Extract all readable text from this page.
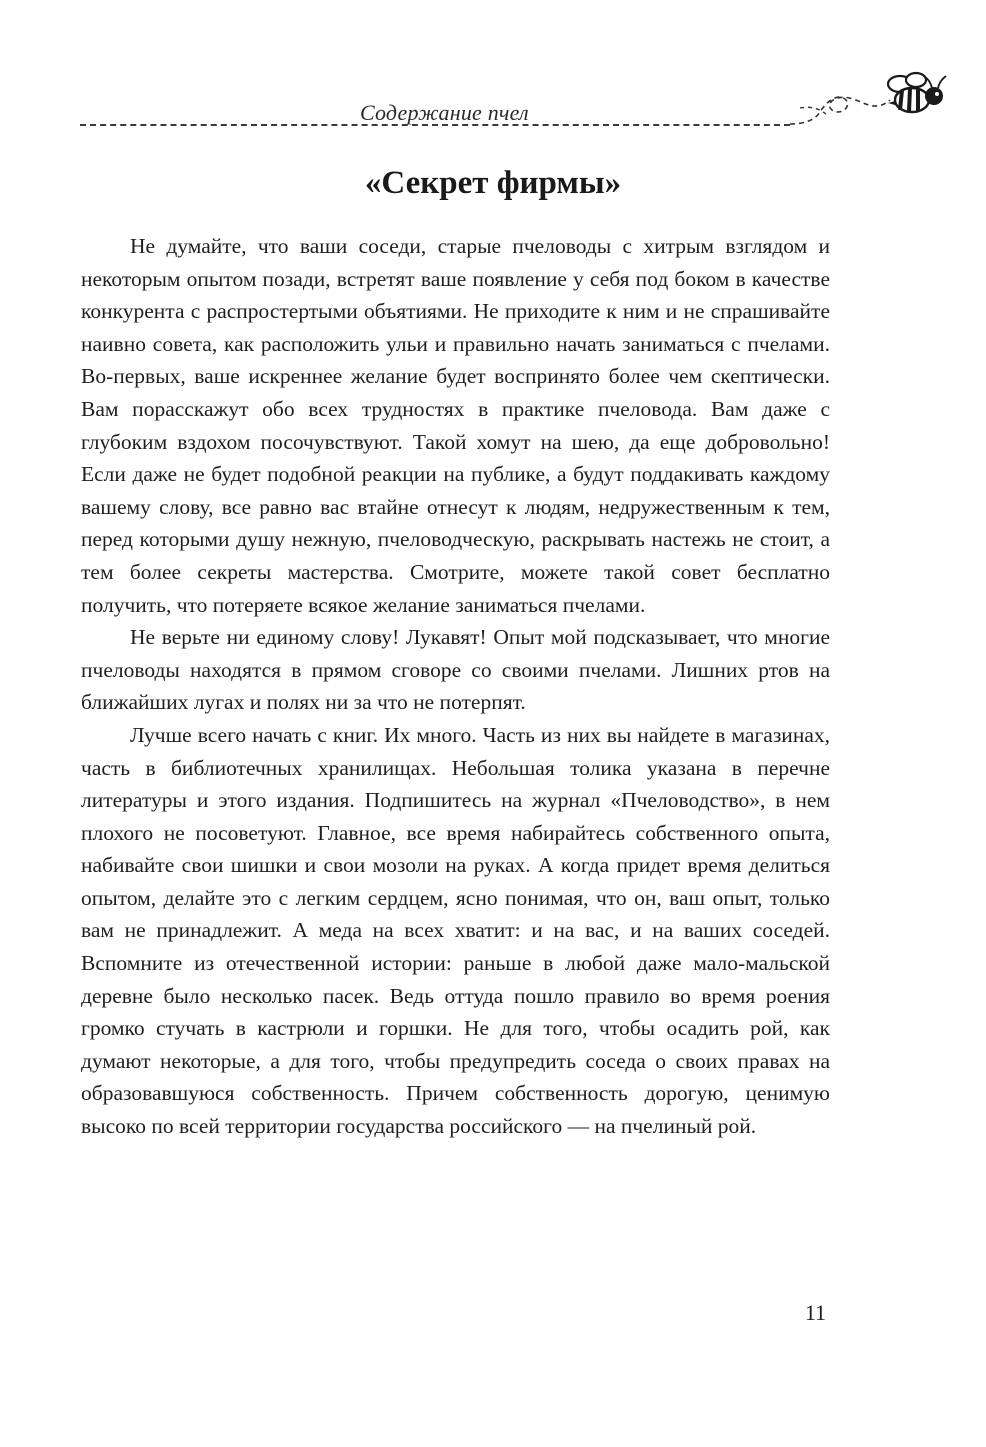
Содержание пчел
«Секрет фирмы»

Не думайте, что ваши соседи, старые пчеловоды с хитрым взглядом и некоторым опытом позади, встретят ваше появление у себя под боком в качестве конкурента с распростертыми объятиями. Не приходите к ним и не спрашивайте наивно совета, как расположить ульи и правильно начать заниматься с пчелами. Во-первых, ваше искреннее желание будет воспринято более чем скептически. Вам порасскажут обо всех трудностях в практике пчеловода. Вам даже с глубоким вздохом посочувствуют. Такой хомут на шею, да еще добровольно! Если даже не будет подобной реакции на публике, а будут поддакивать каждому вашему слову, все равно вас втайне отнесут к людям, недружественным к тем, перед которыми душу нежную, пчеловодческую, раскрывать настежь не стоит, а тем более секреты мастерства. Смотрите, можете такой совет бесплатно получить, что потеряете всякое желание заниматься пчелами.

Не верьте ни единому слову! Лукавят! Опыт мой подсказывает, что многие пчеловоды находятся в прямом сговоре со своими пчелами. Лишних ртов на ближайших лугах и полях ни за что не потерпят.

Лучше всего начать с книг. Их много. Часть из них вы найдете в магазинах, часть в библиотечных хранилищах. Небольшая толика указана в перечне литературы и этого издания. Подпишитесь на журнал «Пчеловодство», в нем плохого не посоветуют. Главное, все время набирайтесь собственного опыта, набивайте свои шишки и свои мозоли на руках. А когда придет время делиться опытом, делайте это с легким сердцем, ясно понимая, что он, ваш опыт, только вам не принадлежит. А меда на всех хватит: и на вас, и на ваших соседей. Вспомните из отечественной истории: раньше в любой даже мало-мальской деревне было несколько пасек. Ведь оттуда пошло правило во время роения громко стучать в кастрюли и горшки. Не для того, чтобы осадить рой, как думают некоторые, а для того, чтобы предупредить соседа о своих правах на образовавшуюся собственность. Причем собственность дорогую, ценимую высоко по всей территории государства российского — на пчелиный рой.

11
